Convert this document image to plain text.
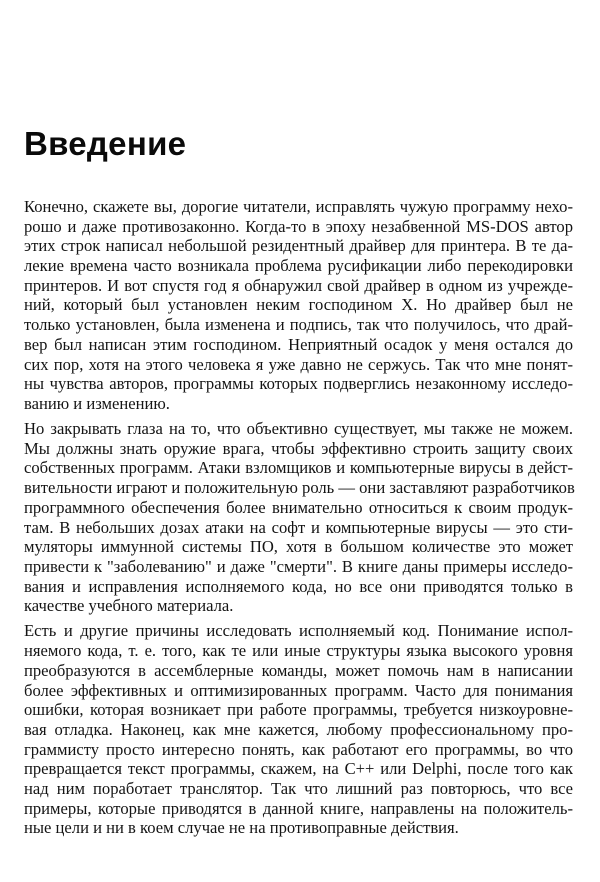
Введение

Конечно, скажете вы, дорогие читатели, исправлять чужую программу нехо-
рошо и даже противозаконно. Когда-то в эпоху незабвенной MS-DOS автор
этих строк написал небольшой резидентный драйвер для принтера. В те да-
лекие времена часто возникала проблема русификации либо перекодировки
принтеров. И вот спустя год я обнаружил свой драйвер в одном из учрежде-
ний, который был установлен неким господином X. Но драйвер был не
только установлен, была изменена и подпись, так что получилось, что драй-
вер был написан этим господином. Неприятный осадок у меня остался до
сих пор, хотя на этого человека я уже давно не сержусь. Так что мне понят-
ны чувства авторов, программы которых подверглись незаконному исследо-
ванию и изменению.

Но закрывать глаза на то, что объективно существует, мы также не можем.
Мы должны знать оружие врага, чтобы эффективно строить защиту своих
собственных программ. Атаки взломщиков и компьютерные вирусы в дейст-
вительности играют и положительную роль — они заставляют разработчиков
программного обеспечения более внимательно относиться к своим продук-
там. В небольших дозах атаки на софт и компьютерные вирусы — это сти-
муляторы иммунной системы ПО, хотя в большом количестве это может
привести к "заболеванию" и даже "смерти". В книге даны примеры исследо-
вания и исправления исполняемого кода, но все они приводятся только в
качестве учебного материала.

Есть и другие причины исследовать исполняемый код. Понимание испол-
няемого кода, т. е. того, как те или иные структуры языка высокого уровня
преобразуются в ассемблерные команды, может помочь нам в написании
более эффективных и оптимизированных программ. Часто для понимания
ошибки, которая возникает при работе программы, требуется низкоуровне-
вая отладка. Наконец, как мне кажется, любому профессиональному про-
граммисту просто интересно понять, как работают его программы, во что
превращается текст программы, скажем, на C++ или Delphi, после того как
над ним поработает транслятор. Так что лишний раз повторюсь, что все
примеры, которые приводятся в данной книге, направлены на положитель-
ные цели и ни в коем случае не на противоправные действия.
